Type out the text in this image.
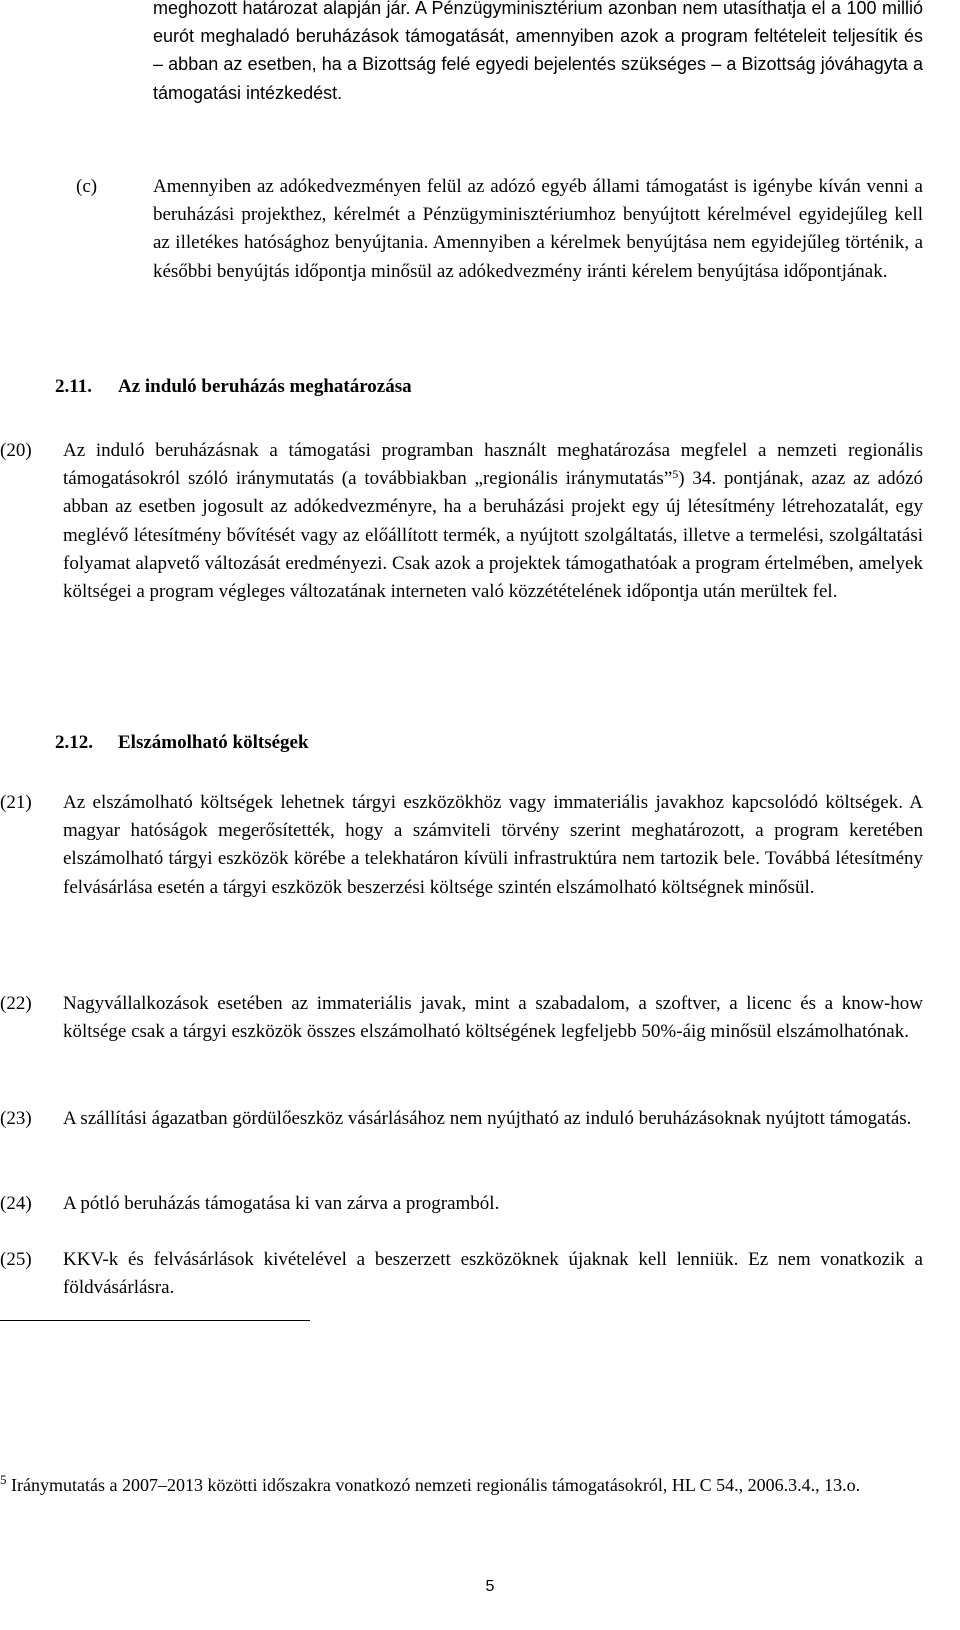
meghozott határozat alapján jár. A Pénzügyminisztérium azonban nem utasíthatja el a 100 millió eurót meghaladó beruházások támogatását, amennyiben azok a program feltételeit teljesítik és – abban az esetben, ha a Bizottság felé egyedi bejelentés szükséges – a Bizottság jóváhagyta a támogatási intézkedést.

(c)	Amennyiben az adókedvezményen felül az adózó egyéb állami támogatást is igénybe kíván venni a beruházási projekthez, kérelmét a Pénzügyminisztériumhoz benyújtott kérelmével egyidejűleg kell az illetékes hatósághoz benyújtania. Amennyiben a kérelmek benyújtása nem egyidejűleg történik, a későbbi benyújtás időpontja minősül az adókedvezmény iránti kérelem benyújtása időpontjának.

2.11. Az induló beruházás meghatározása
(20) Az induló beruházásnak a támogatási programban használt meghatározása megfelel a nemzeti regionális támogatásokról szóló iránymutatás (a továbbiakban „regionális iránymutatás”$^5$) 34. pontjának, azaz az adózó abban az esetben jogosult az adókedvezményre, ha a beruházási projekt egy új létesítmény létrehozatalát, egy meglévő létesítmény bővítését vagy az előállított termék, a nyújtott szolgáltatás, illetve a termelési, szolgáltatási folyamat alapvető változását eredményezi. Csak azok a projektek támogathatóak a program értelmében, amelyek költségei a program végleges változatának interneten való közzétételének időpontja után merültek fel.

2.12. Elszámolható költségek
(21) Az elszámolható költségek lehetnek tárgyi eszközökhöz vagy immateriális javakhoz kapcsolódó költségek. A magyar hatóságok megerősítették, hogy a számviteli törvény szerint meghatározott, a program keretében elszámolható tárgyi eszközök körébe a telekhatáron kívüli infrastruktúra nem tartozik bele. Továbbá létesítmény felvásárlása esetén a tárgyi eszközök beszerzési költsége szintén elszámolható költségnek minősül.

(22) Nagyvállalkozások esetében az immateriális javak, mint a szabadalom, a szoftver, a licenc és a know-how költsége csak a tárgyi eszközök összes elszámolható költségének legfeljebb 50%-áig minősül elszámolhatónak.

(23) A szállítási ágazatban gördülőeszköz vásárlásához nem nyújtható az induló beruházásoknak nyújtott támogatás.

(24) A pótló beruházás támogatása ki van zárva a programból.

(25) KKV-k és felvásárlások kivételével a beszerzett eszközöknek újaknak kell lenniük. Ez nem vonatkozik a földvásárlásra.

$^5$ Iránymutatás a 2007–2013 közötti időszakra vonatkozó nemzeti regionális támogatásokról, HL C 54., 2006.3.4., 13.o.

5
